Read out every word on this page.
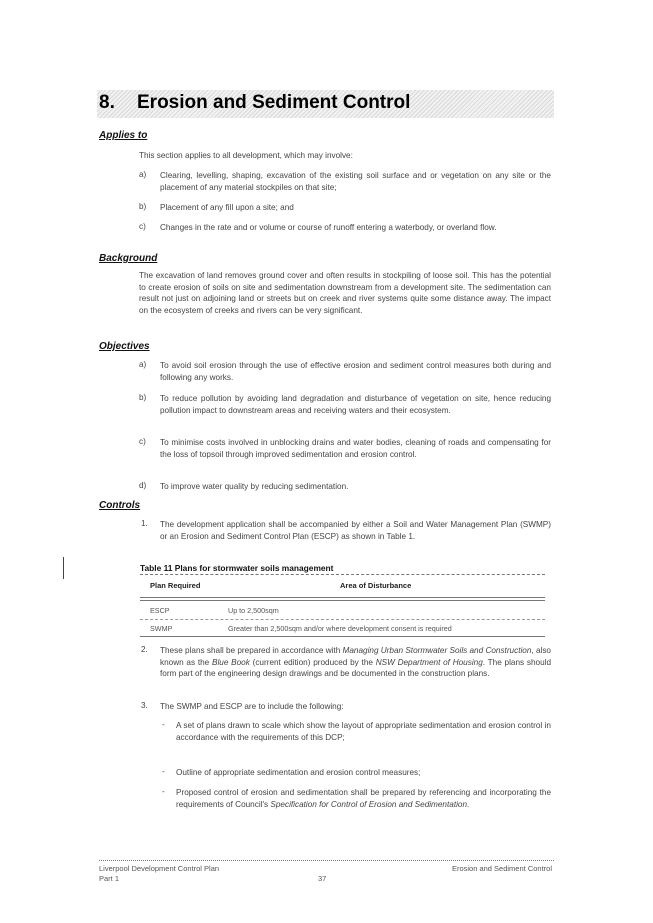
8. Erosion and Sediment Control
Applies to
This section applies to all development, which may involve:
a) Clearing, levelling, shaping, excavation of the existing soil surface and or vegetation on any site or the placement of any material stockpiles on that site;
b) Placement of any fill upon a site; and
c) Changes in the rate and or volume or course of runoff entering a waterbody, or overland flow.
Background
The excavation of land removes ground cover and often results in stockpiling of loose soil. This has the potential to create erosion of soils on site and sedimentation downstream from a development site. The sedimentation can result not just on adjoining land or streets but on creek and river systems quite some distance away. The impact on the ecosystem of creeks and rivers can be very significant.
Objectives
a) To avoid soil erosion through the use of effective erosion and sediment control measures both during and following any works.
b) To reduce pollution by avoiding land degradation and disturbance of vegetation on site, hence reducing pollution impact to downstream areas and receiving waters and their ecosystem.
c) To minimise costs involved in unblocking drains and water bodies, cleaning of roads and compensating for the loss of topsoil through improved sedimentation and erosion control.
d) To improve water quality by reducing sedimentation.
Controls
1. The development application shall be accompanied by either a Soil and Water Management Plan (SWMP) or an Erosion and Sediment Control Plan (ESCP) as shown in Table 1.
Table 11 Plans for stormwater soils management
Plan Required	Area of Disturbance
ESCP	Up to 2,500sqm
SWMP	Greater than 2,500sqm and/or where development consent is required
2. These plans shall be prepared in accordance with Managing Urban Stormwater Soils and Construction, also known as the Blue Book (current edition) produced by the NSW Department of Housing. The plans should form part of the engineering design drawings and be documented in the construction plans.
3. The SWMP and ESCP are to include the following:
- A set of plans drawn to scale which show the layout of appropriate sedimentation and erosion control in accordance with the requirements of this DCP;
- Outline of appropriate sedimentation and erosion control measures;
- Proposed control of erosion and sedimentation shall be prepared by referencing and incorporating the requirements of Council's Specification for Control of Erosion and Sedimentation.
Liverpool Development Control Plan
Part 1	37
Erosion and Sediment Control
